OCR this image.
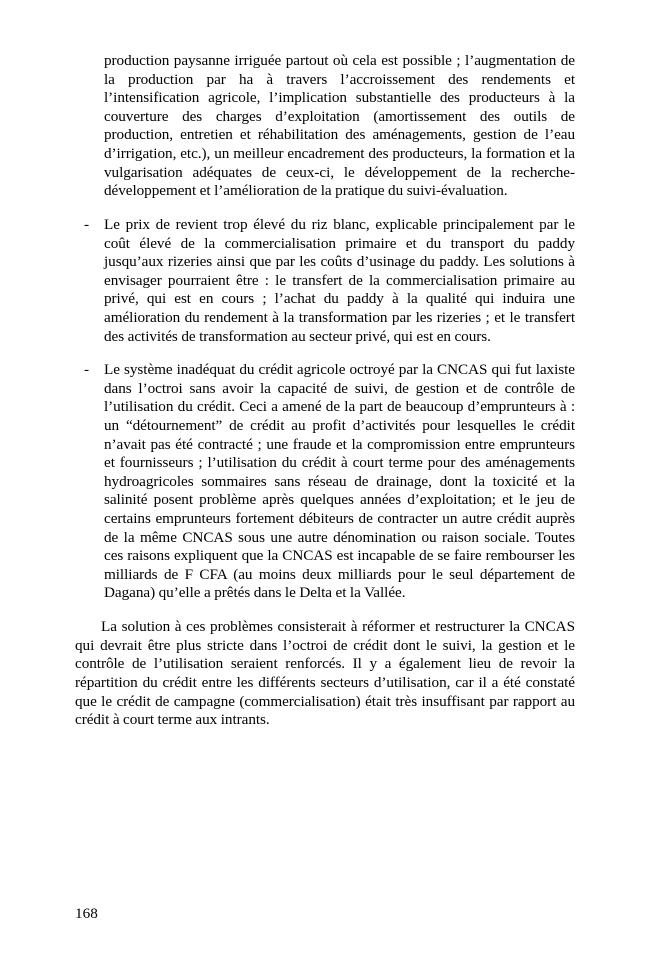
production paysanne irriguée partout où cela est possible ; l’augmentation de la production par ha à travers l’accroissement des rendements et l’intensification agricole, l’implication substantielle des producteurs à la couverture des charges d’exploitation (amortissement des outils de production, entretien et réhabilitation des aménagements, gestion de l’eau d’irrigation, etc.), un meilleur encadrement des producteurs, la formation et la vulgarisation adéquates de ceux-ci, le développement de la recherche-développement et l’amélioration de la pratique du suivi-évaluation.

- Le prix de revient trop élevé du riz blanc, explicable principalement par le coût élevé de la commercialisation primaire et du transport du paddy jusqu’aux rizeries ainsi que par les coûts d’usinage du paddy. Les solutions à envisager pourraient être : le transfert de la commercialisation primaire au privé, qui est en cours ; l’achat du paddy à la qualité qui induira une amélioration du rendement à la transformation par les rizeries ; et le transfert des activités de transformation au secteur privé, qui est en cours.

- Le système inadéquat du crédit agricole octroyé par la CNCAS qui fut laxiste dans l’octroi sans avoir la capacité de suivi, de gestion et de contrôle de l’utilisation du crédit. Ceci a amené de la part de beaucoup d’emprunteurs à : un “détournement” de crédit au profit d’activités pour lesquelles le crédit n’avait pas été contracté ; une fraude et la compromission entre emprunteurs et fournisseurs ; l’utilisation du crédit à court terme pour des aménagements hydroagricoles sommaires sans réseau de drainage, dont la toxicité et la salinité posent problème après quelques années d’exploitation; et le jeu de certains emprunteurs fortement débiteurs de contracter un autre crédit auprès de la même CNCAS sous une autre dénomination ou raison sociale. Toutes ces raisons expliquent que la CNCAS est incapable de se faire rembourser les milliards de F CFA (au moins deux milliards pour le seul département de Dagana) qu’elle a prêtés dans le Delta et la Vallée.

La solution à ces problèmes consisterait à réformer et restructurer la CNCAS qui devrait être plus stricte dans l’octroi de crédit dont le suivi, la gestion et le contrôle de l’utilisation seraient renforcés. Il y a également lieu de revoir la répartition du crédit entre les différents secteurs d’utilisation, car il a été constaté que le crédit de campagne (commercialisation) était très insuffisant par rapport au crédit à court terme aux intrants.

168
